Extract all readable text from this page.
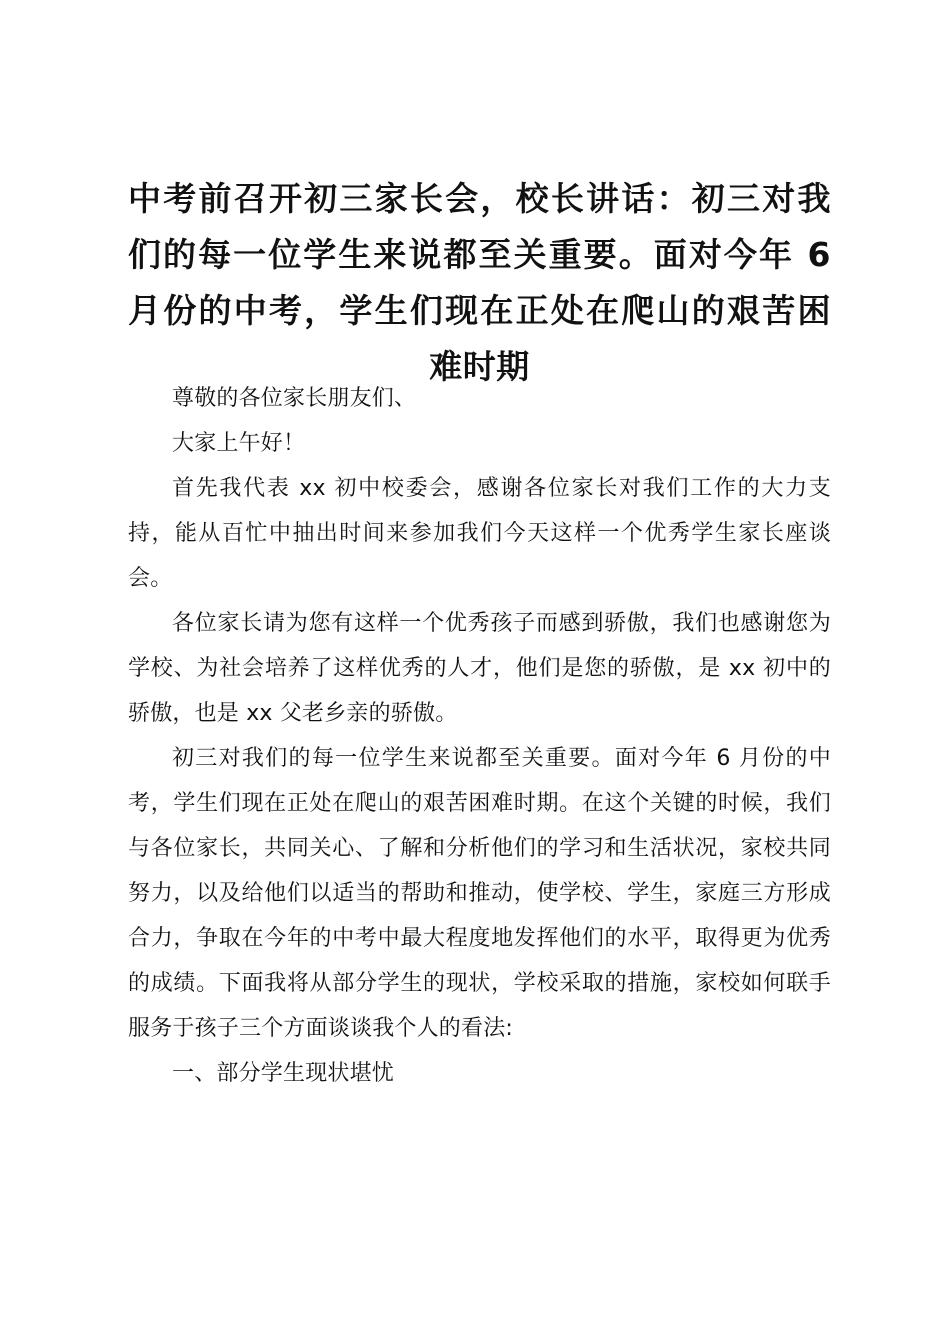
中考前召开初三家长会，校长讲话：初三对我们的每一位学生来说都至关重要。面对今年 6 月份的中考，学生们现在正处在爬山的艰苦困难时期

尊敬的各位家长朋友们、

大家上午好！

首先我代表 xx 初中校委会，感谢各位家长对我们工作的大力支持，能从百忙中抽出时间来参加我们今天这样一个优秀学生家长座谈会。

各位家长请为您有这样一个优秀孩子而感到骄傲，我们也感谢您为学校、为社会培养了这样优秀的人才，他们是您的骄傲，是 xx 初中的骄傲，也是 xx 父老乡亲的骄傲。

初三对我们的每一位学生来说都至关重要。面对今年 6 月份的中考，学生们现在正处在爬山的艰苦困难时期。在这个关键的时候，我们与各位家长，共同关心、了解和分析他们的学习和生活状况，家校共同努力，以及给他们以适当的帮助和推动，使学校、学生，家庭三方形成合力，争取在今年的中考中最大程度地发挥他们的水平，取得更为优秀的成绩。下面我将从部分学生的现状，学校采取的措施，家校如何联手服务于孩子三个方面谈谈我个人的看法:

一、部分学生现状堪忧
